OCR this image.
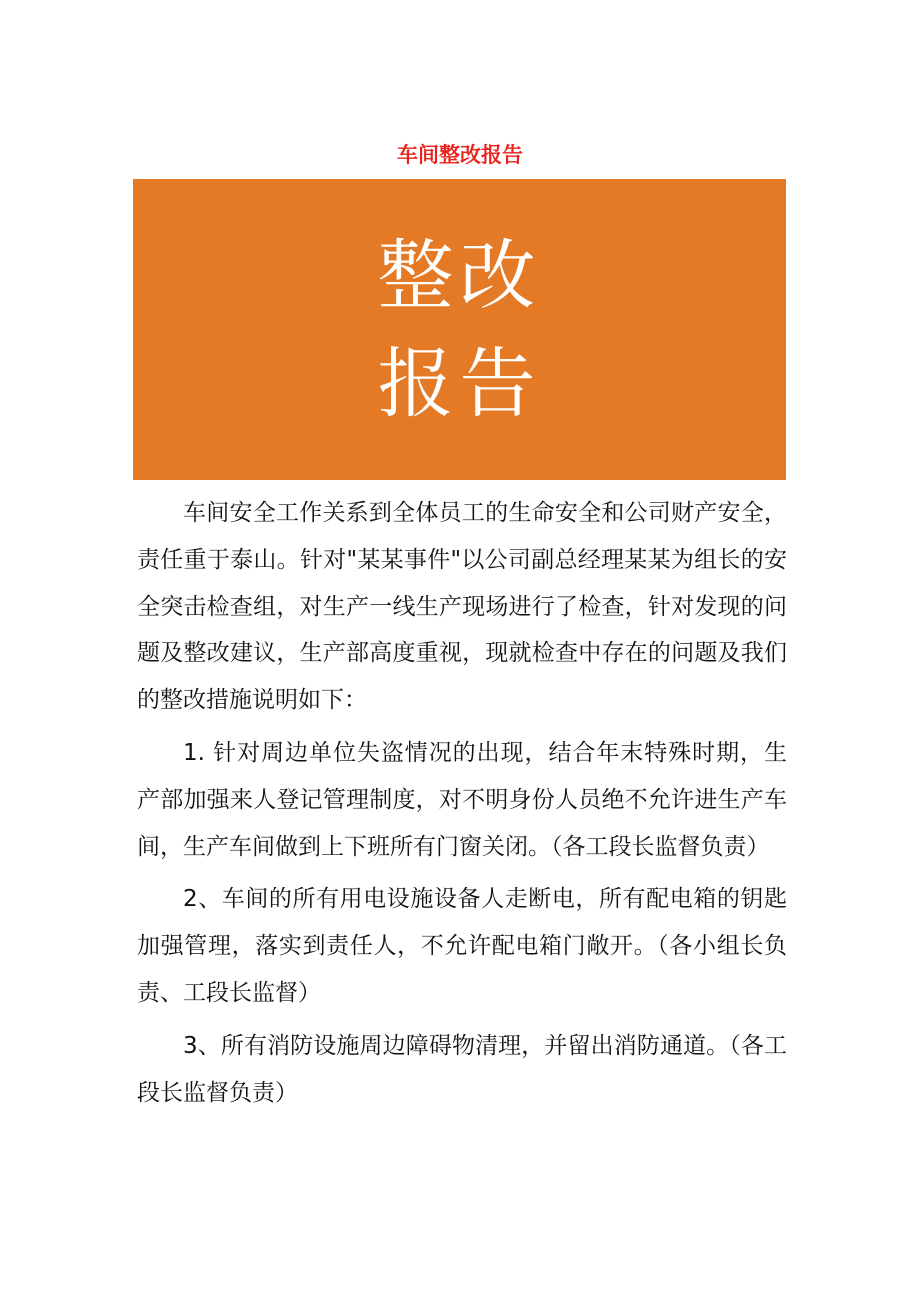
车间整改报告
整改
报告

车间安全工作关系到全体员工的生命安全和公司财产安全，责任重于泰山。针对"某某事件"以公司副总经理某某为组长的安全突击检查组，对生产一线生产现场进行了检查，针对发现的问题及整改建议，生产部高度重视，现就检查中存在的问题及我们的整改措施说明如下：

1. 针对周边单位失盗情况的出现，结合年末特殊时期，生产部加强来人登记管理制度，对不明身份人员绝不允许进生产车间，生产车间做到上下班所有门窗关闭。（各工段长监督负责）

2、车间的所有用电设施设备人走断电，所有配电箱的钥匙加强管理，落实到责任人，不允许配电箱门敞开。（各小组长负责、工段长监督）

3、所有消防设施周边障碍物清理，并留出消防通道。（各工段长监督负责）
